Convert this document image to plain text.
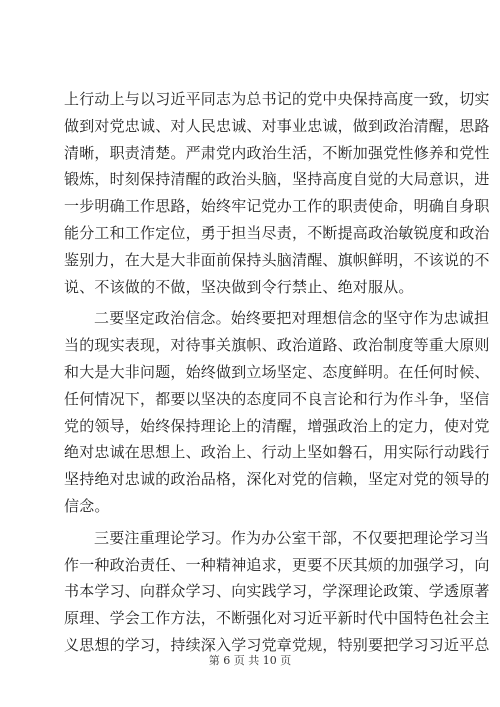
上行动上与以习近平同志为总书记的党中央保持高度一致，切实
做到对党忠诚、对人民忠诚、对事业忠诚，做到政治清醒，思路
清晰，职责清楚。严肃党内政治生活，不断加强党性修养和党性
锻炼，时刻保持清醒的政治头脑，坚持高度自觉的大局意识，进
一步明确工作思路，始终牢记党办工作的职责使命，明确自身职
能分工和工作定位，勇于担当尽责，不断提高政治敏锐度和政治
鉴别力，在大是大非面前保持头脑清醒、旗帜鲜明，不该说的不
说、不该做的不做，坚决做到令行禁止、绝对服从。
二要坚定政治信念。始终要把对理想信念的坚守作为忠诚担
当的现实表现，对待事关旗帜、政治道路、政治制度等重大原则
和大是大非问题，始终做到立场坚定、态度鲜明。在任何时候、
任何情况下，都要以坚决的态度同不良言论和行为作斗争，坚信
党的领导，始终保持理论上的清醒，增强政治上的定力，使对党
绝对忠诚在思想上、政治上、行动上坚如磐石，用实际行动践行
坚持绝对忠诚的政治品格，深化对党的信赖，坚定对党的领导的
信念。
三要注重理论学习。作为办公室干部，不仅要把理论学习当
作一种政治责任、一种精神追求，更要不厌其烦的加强学习，向
书本学习、向群众学习、向实践学习，学深理论政策、学透原著
原理、学会工作方法，不断强化对习近平新时代中国特色社会主
义思想的学习，持续深入学习党章党规，特别要把学习习近平总
第 6 页 共 10 页
